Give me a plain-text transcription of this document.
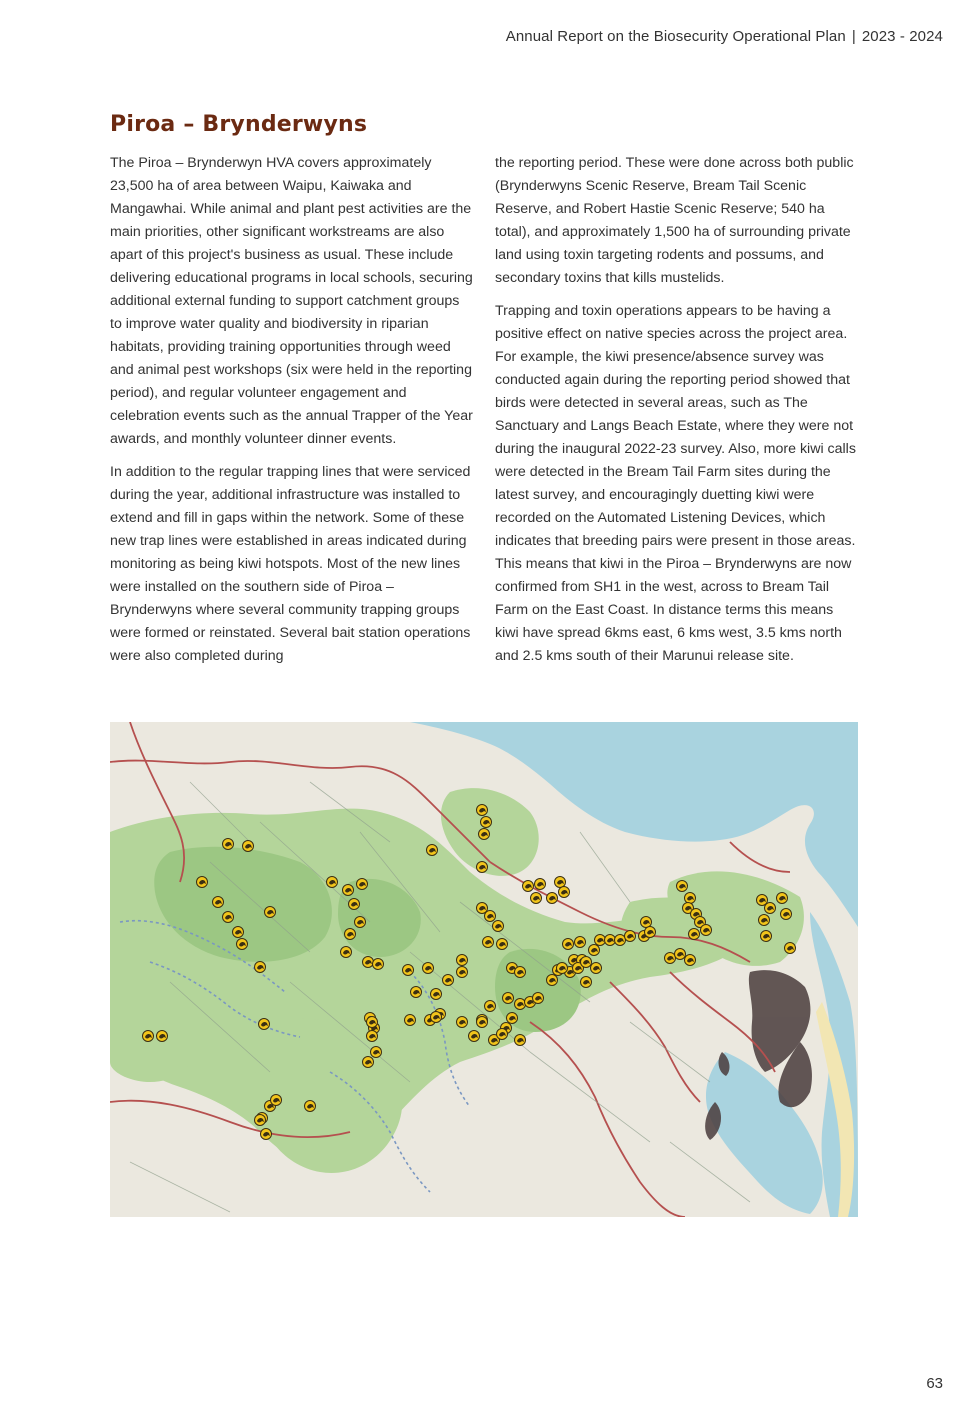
Annual Report on the Biosecurity Operational Plan | 2023 - 2024
Piroa – Brynderwyns

The Piroa – Brynderwyn HVA covers approximately 23,500 ha of area between Waipu, Kaiwaka and Mangawhai. While animal and plant pest activities are the main priorities, other significant workstreams are also apart of this project's business as usual. These include delivering educational programs in local schools, securing additional external funding to support catchment groups to improve water quality and biodiversity in riparian habitats, providing training opportunities through weed and animal pest workshops (six were held in the reporting period), and regular volunteer engagement and celebration events such as the annual Trapper of the Year awards, and monthly volunteer dinner events.

In addition to the regular trapping lines that were serviced during the year, additional infrastructure was installed to extend and fill in gaps within the network. Some of these new trap lines were established in areas indicated during monitoring as being kiwi hotspots. Most of the new lines were installed on the southern side of Piroa – Brynderwyns where several community trapping groups were formed or reinstated. Several bait station operations were also completed during

the reporting period. These were done across both public (Brynderwyns Scenic Reserve, Bream Tail Scenic Reserve, and Robert Hastie Scenic Reserve; 540 ha total), and approximately 1,500 ha of surrounding private land using toxin targeting rodents and possums, and secondary toxins that kills mustelids.

Trapping and toxin operations appears to be having a positive effect on native species across the project area. For example, the kiwi presence/absence survey was conducted again during the reporting period showed that birds were detected in several areas, such as The Sanctuary and Langs Beach Estate, where they were not during the inaugural 2022-23 survey. Also, more kiwi calls were detected in the Bream Tail Farm sites during the latest survey, and encouragingly duetting kiwi were recorded on the Automated Listening Devices, which indicates that breeding pairs were present in those areas. This means that kiwi in the Piroa – Brynderwyns are now confirmed from SH1 in the west, across to Bream Tail Farm on the East Coast. In distance terms this means kiwi have spread 6kms east, 6 kms west, 3.5 kms north and 2.5 kms south of their Marunui release site.

63
